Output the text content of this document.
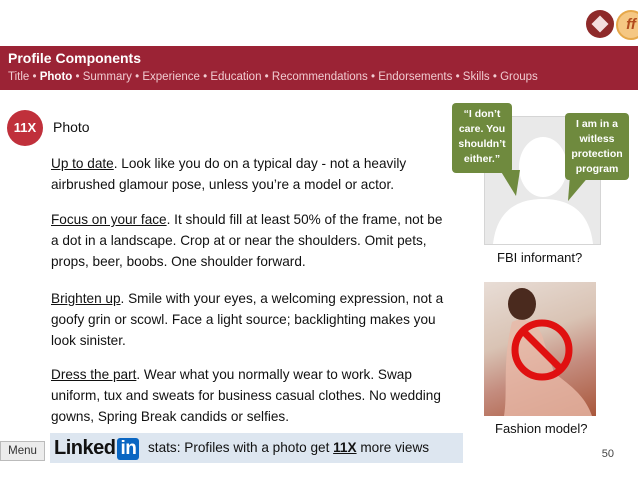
ff
Profile Components
Title • Photo • Summary • Experience • Education • Recommendations • Endorsements • Skills • Groups
11X	Photo
Up to date. Look like you do on a typical day - not a heavily airbrushed glamour pose, unless you’re a model or actor.
Focus on your face. It should fill at least 50% of the frame, not be a dot in a landscape. Crop at or near the shoulders. Omit pets, props, beer, boobs. One shoulder forward.
Brighten up. Smile with your eyes, a welcoming expression, not a goofy grin or scowl. Face a light source; backlighting makes you look sinister.
Dress the part. Wear what you normally wear to work. Swap uniform, tux and sweats for business casual clothes. No wedding gowns, Spring Break candids or selfies.
“I don’t care. You shouldn’t either.”
I am in a witless protection program
FBI informant?
Fashion model?
Menu Linked in stats: Profiles with a photo get 11X more views	50
